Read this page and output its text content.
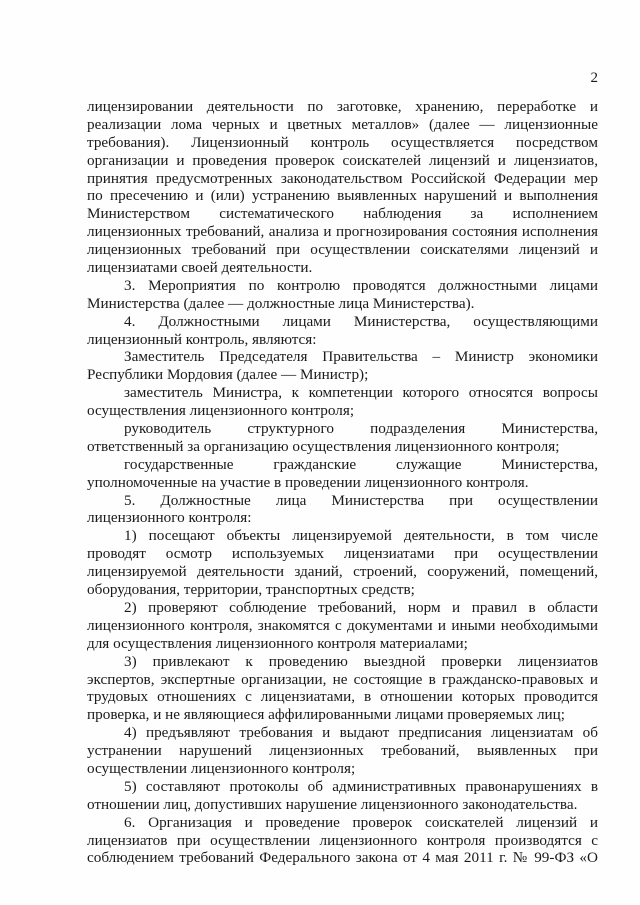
2
лицензировании деятельности по заготовке, хранению, переработке и
реализации лома черных и цветных металлов» (далее — лицензионные
требования). Лицензионный контроль осуществляется посредством
организации и проведения проверок соискателей лицензий и лицензиатов,
принятия предусмотренных законодательством Российской Федерации мер
по пресечению и (или) устранению выявленных нарушений и выполнения
Министерством систематического наблюдения за исполнением
лицензионных требований, анализа и прогнозирования состояния исполнения
лицензионных требований при осуществлении соискателями лицензий и
лицензиатами своей деятельности.
3. Мероприятия по контролю проводятся должностными лицами
Министерства (далее — должностные лица Министерства).
4. Должностными лицами Министерства, осуществляющими
лицензионный контроль, являются:
Заместитель Председателя Правительства – Министр экономики
Республики Мордовия (далее — Министр);
заместитель Министра, к компетенции которого относятся вопросы
осуществления лицензионного контроля;
руководитель структурного подразделения Министерства,
ответственный за организацию осуществления лицензионного контроля;
государственные гражданские служащие Министерства,
уполномоченные на участие в проведении лицензионного контроля.
5. Должностные лица Министерства при осуществлении
лицензионного контроля:
1) посещают объекты лицензируемой деятельности, в том числе
проводят осмотр используемых лицензиатами при осуществлении
лицензируемой деятельности зданий, строений, сооружений, помещений,
оборудования, территории, транспортных средств;
2) проверяют соблюдение требований, норм и правил в области
лицензионного контроля, знакомятся с документами и иными необходимыми
для осуществления лицензионного контроля материалами;
3) привлекают к проведению выездной проверки лицензиатов
экспертов, экспертные организации, не состоящие в гражданско-правовых и
трудовых отношениях с лицензиатами, в отношении которых проводится
проверка, и не являющиеся аффилированными лицами проверяемых лиц;
4) предъявляют требования и выдают предписания лицензиатам об
устранении нарушений лицензионных требований, выявленных при
осуществлении лицензионного контроля;
5) составляют протоколы об административных правонарушениях в
отношении лиц, допустивших нарушение лицензионного законодательства.
6. Организация и проведение проверок соискателей лицензий и
лицензиатов при осуществлении лицензионного контроля производятся с
соблюдением требований Федерального закона от 4 мая 2011 г. № 99-ФЗ «О
